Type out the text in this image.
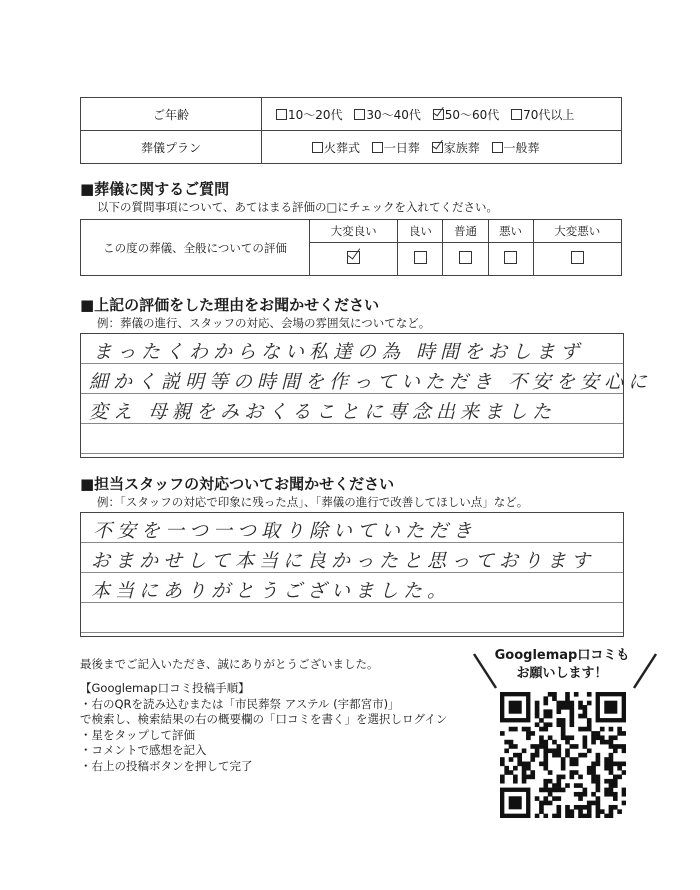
ご年齢	10～20代 30～40代 50～60代 70代以上
葬儀プラン	火葬式 一日葬 家族葬 一般葬
■葬儀に関するご質問
以下の質問事項について、あてはまる評価の□にチェックを入れてください。
この度の葬儀、全般についての評価	大変良い	良い	普通	悪い	大変悪い

■上記の評価をした理由をお聞かせください
例：葬儀の進行、スタッフの対応、会場の雰囲気についてなど。
まったくわからない私達の為 時間をおしまず
細かく説明等の時間を作っていただき 不安を安心に
変え 母親をみおくることに専念出来ました
■担当スタッフの対応ついてお聞かせください
例：「スタッフの対応で印象に残った点」、「葬儀の進行で改善してほしい点」など。
不安を一つ一つ取り除いていただき
おまかせして本当に良かったと思っております
本当にありがとうございました。
最後までご記入いただき、誠にありがとうございました。
【Googlemap口コミ投稿手順】
・右のQRを読み込むまたは「市民葬祭 アステル (宇都宮市)」
で検索し、検索結果の右の概要欄の「口コミを書く」を選択しログイン
・星をタップして評価
・コメントで感想を記入
・右上の投稿ボタンを押して完了
Googlemap口コミも
お願いします！
